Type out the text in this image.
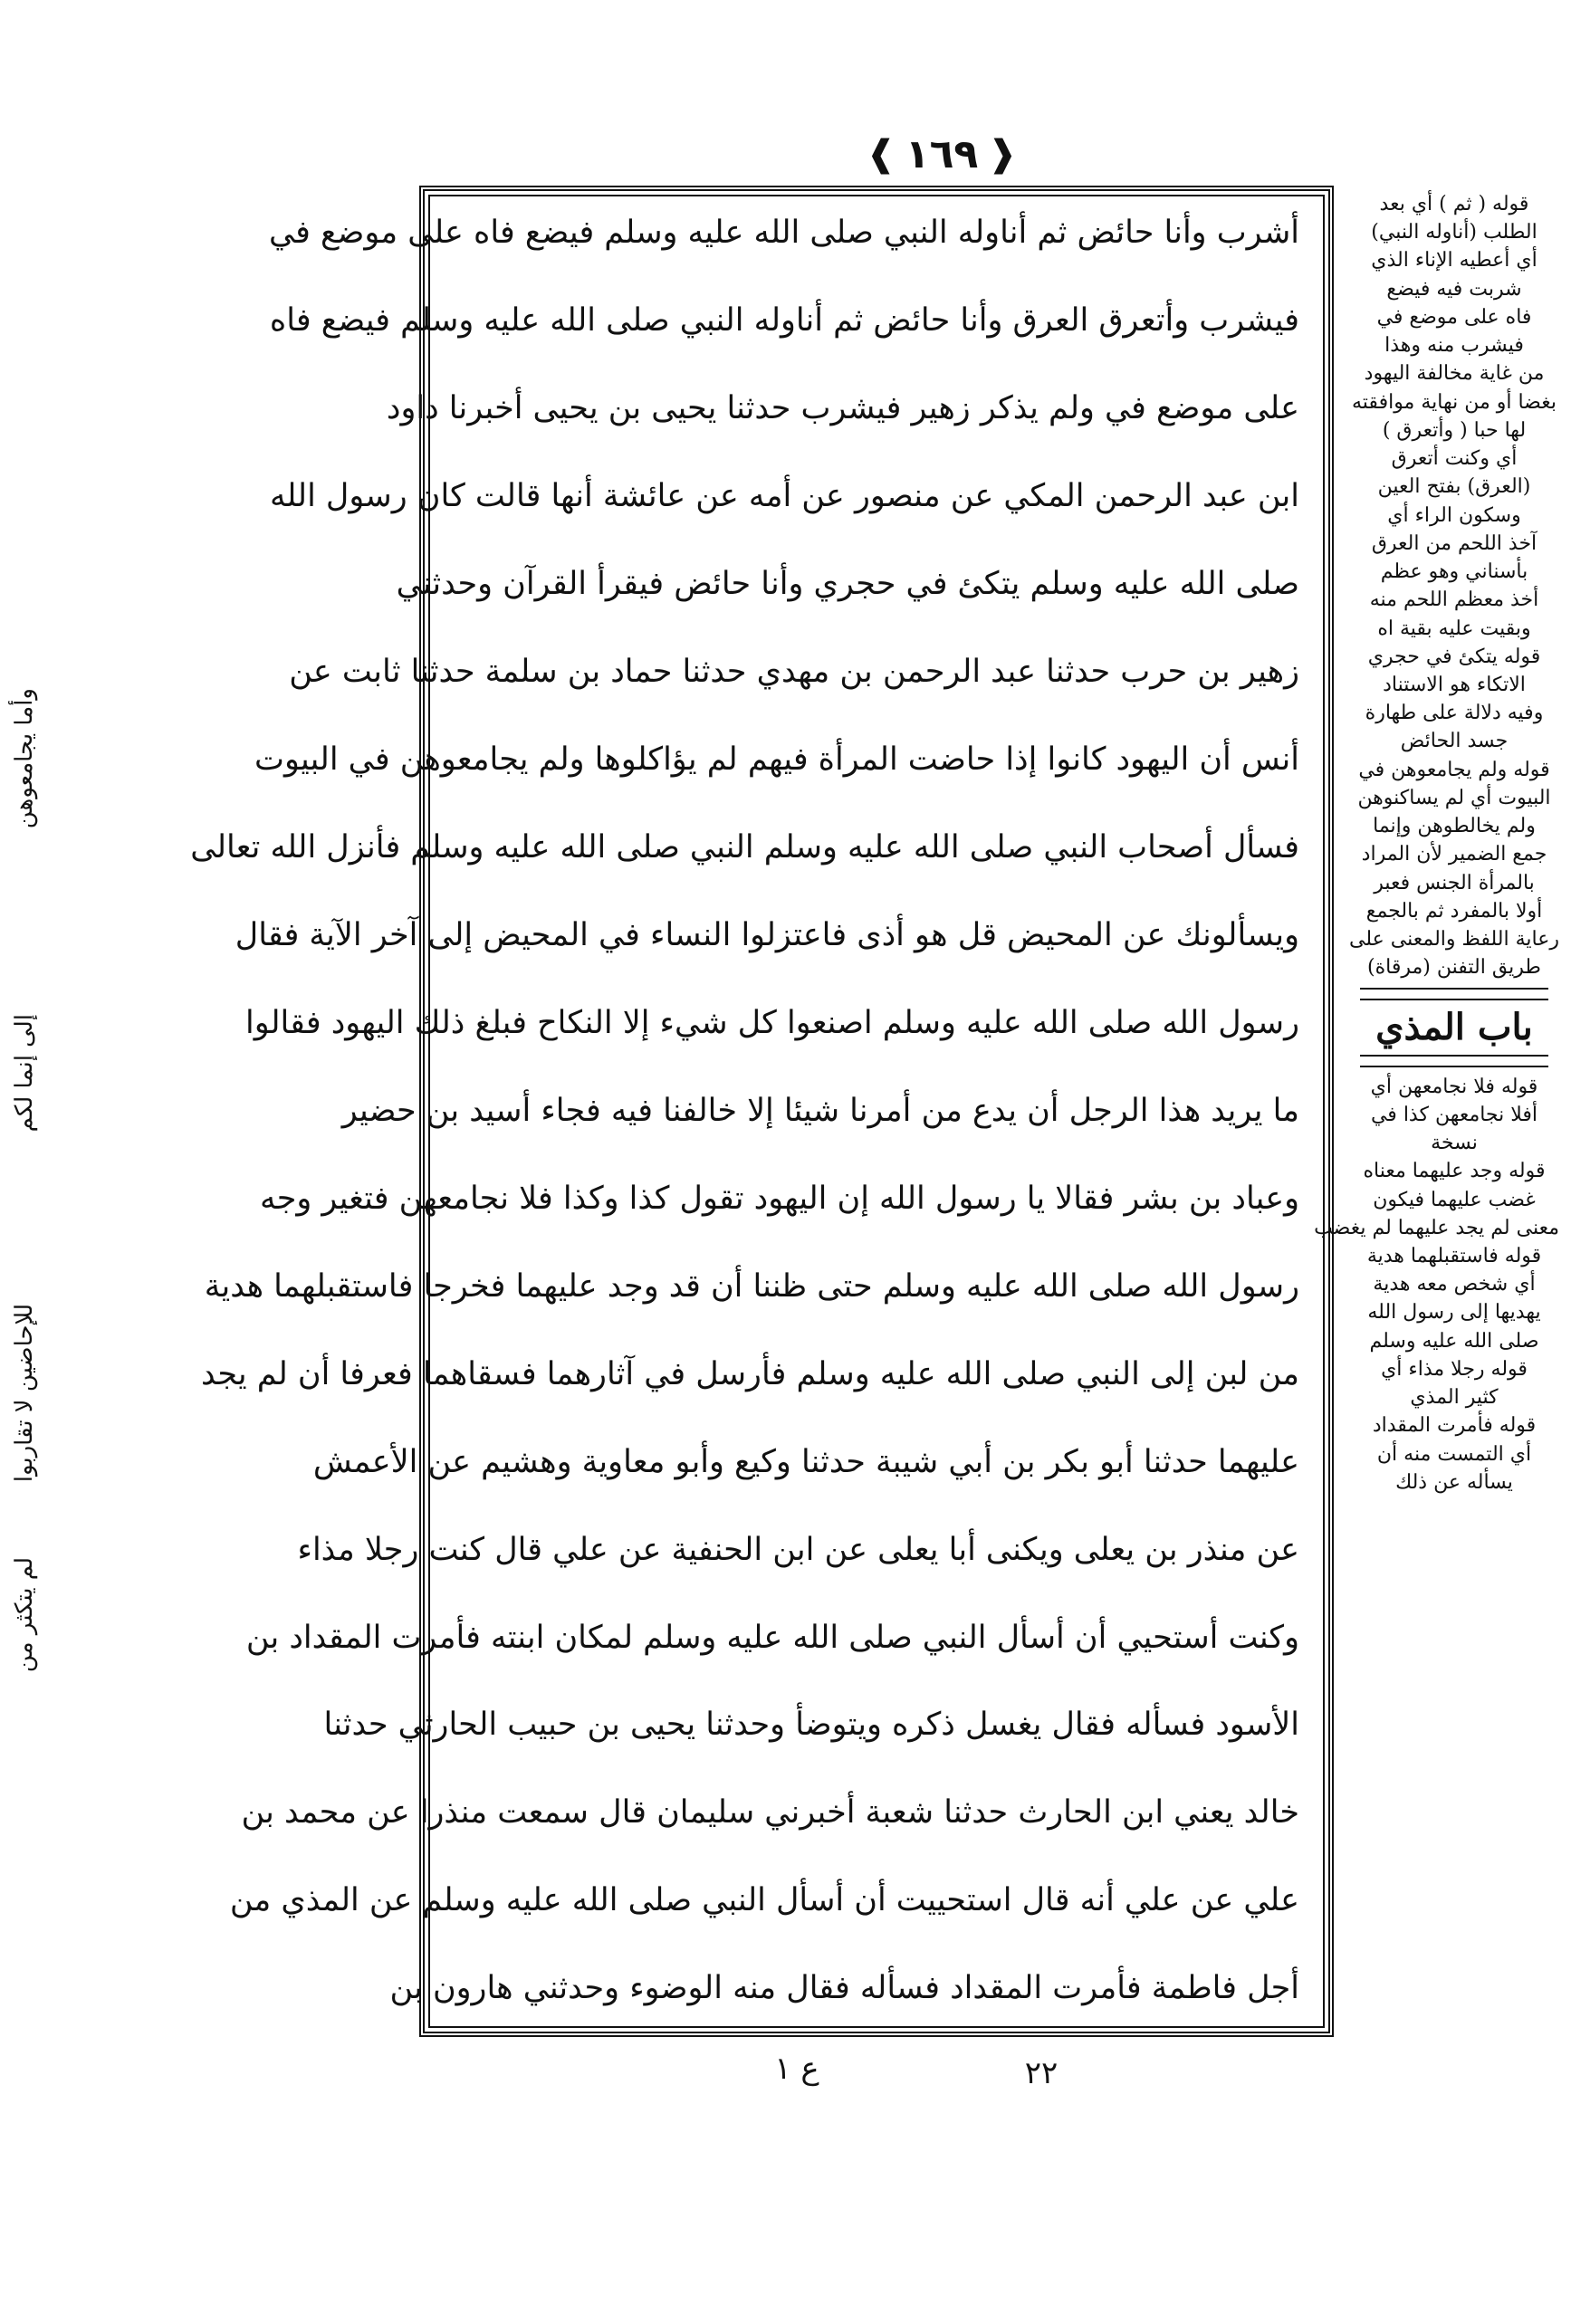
❰
١٦٩
❱
أشرب وأنا حائض ثم أناوله النبي صلى الله عليه وسلم فيضع فاه على موضع في
فيشرب وأتعرق العرق وأنا حائض ثم أناوله النبي صلى الله عليه وسلم فيضع فاه
على موضع في ولم يذكر زهير فيشرب حدثنا يحيى بن يحيى أخبرنا داود
ابن عبد الرحمن المكي عن منصور عن أمه عن عائشة أنها قالت كان رسول الله
صلى الله عليه وسلم يتكئ في حجري وأنا حائض فيقرأ القرآن وحدثني
زهير بن حرب حدثنا عبد الرحمن بن مهدي حدثنا حماد بن سلمة حدثنا ثابت عن
أنس أن اليهود كانوا إذا حاضت المرأة فيهم لم يؤاكلوها ولم يجامعوهن في البيوت
فسأل أصحاب النبي صلى الله عليه وسلم النبي صلى الله عليه وسلم فأنزل الله تعالى
ويسألونك عن المحيض قل هو أذى فاعتزلوا النساء في المحيض إلى آخر الآية فقال
رسول الله صلى الله عليه وسلم اصنعوا كل شيء إلا النكاح فبلغ ذلك اليهود فقالوا
ما يريد هذا الرجل أن يدع من أمرنا شيئا إلا خالفنا فيه فجاء أسيد بن حضير
وعباد بن بشر فقالا يا رسول الله إن اليهود تقول كذا وكذا فلا نجامعهن فتغير وجه
رسول الله صلى الله عليه وسلم حتى ظننا أن قد وجد عليهما فخرجا فاستقبلهما هدية
من لبن إلى النبي صلى الله عليه وسلم فأرسل في آثارهما فسقاهما فعرفا أن لم يجد
عليهما حدثنا أبو بكر بن أبي شيبة حدثنا وكيع وأبو معاوية وهشيم عن الأعمش
عن منذر بن يعلى ويكنى أبا يعلى عن ابن الحنفية عن علي قال كنت رجلا مذاء
وكنت أستحيي أن أسأل النبي صلى الله عليه وسلم لمكان ابنته فأمرت المقداد بن
الأسود فسأله فقال يغسل ذكره ويتوضأ وحدثنا يحيى بن حبيب الحارثي حدثنا
خالد يعني ابن الحارث حدثنا شعبة أخبرني سليمان قال سمعت منذرا عن محمد بن
علي عن علي أنه قال استحييت أن أسأل النبي صلى الله عليه وسلم عن المذي من
أجل فاطمة فأمرت المقداد فسأله فقال منه الوضوء وحدثني هارون بن

قوله ( ثم ) أي بعد

الطلب (أناوله النبي)

أي أعطيه الإناء الذي

شربت فيه فيضع

فاه على موضع في

فيشرب منه وهذا

من غاية مخالفة اليهود

بغضا أو من نهاية موافقته

لها حبا ( وأتعرق )

أي وكنت أتعرق

(العرق) بفتح العين

وسكون الراء أي

آخذ اللحم من العرق

بأسناني وهو عظم

أخذ معظم اللحم منه

وبقيت عليه بقية اه

قوله يتكئ في حجري

الاتكاء هو الاستناد

وفيه دلالة على طهارة

جسد الحائض

قوله ولم يجامعوهن في

البيوت أي لم يساكنوهن

ولم يخالطوهن وإنما

جمع الضمير لأن المراد

بالمرأة الجنس فعبر

أولا بالمفرد ثم بالجمع

رعاية اللفظ والمعنى على

طريق التفنن (مرقاة)

باب المذي

قوله فلا نجامعهن أي

أفلا نجامعهن كذا في

نسخة

قوله وجد عليهما معناه

غضب عليهما فيكون

معنى لم يجد عليهما لم يغضب

قوله فاستقبلهما هدية

أي شخص معه هدية

يهديها إلى رسول الله

صلى الله عليه وسلم

قوله رجلا مذاء أي

كثير المذي

قوله فأمرت المقداد

أي التمست منه أن

يسأله عن ذلك

وأما يجامعوهن
إلى إنما لكم
للإحاضين لا تقاربوا
لم يتكثر من
ع ١	٢٢
